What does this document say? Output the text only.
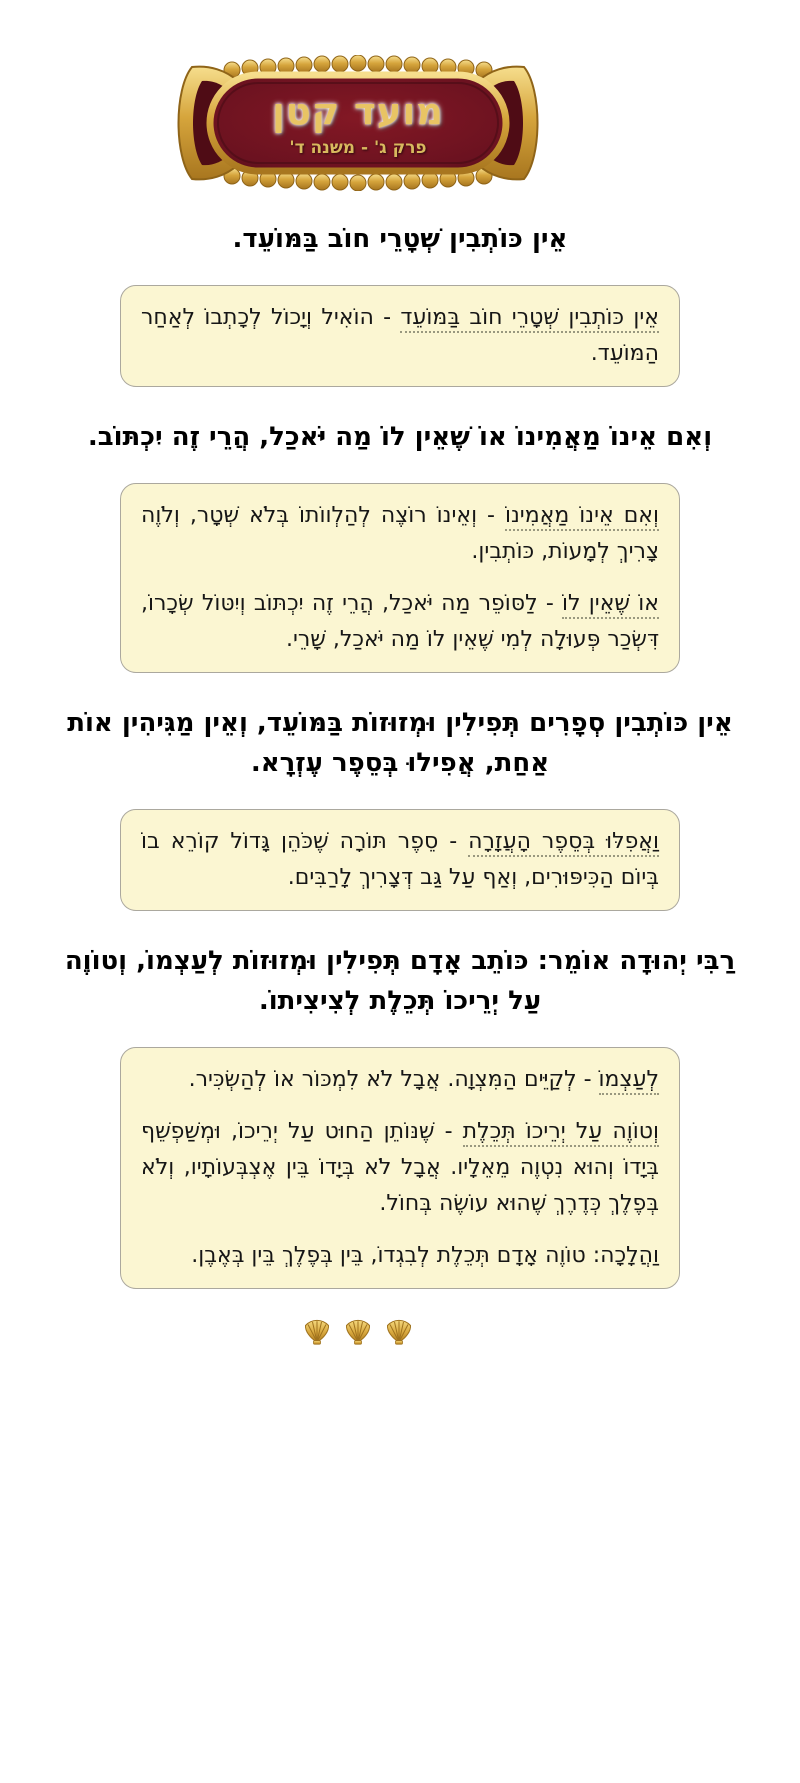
מועד קטן
פרק ג' - משנה ד'

אֵין כּוֹתְבִין שְׁטָרֵי חוֹב בַּמּוֹעֵד.

אֵין כּוֹתְבִין שְׁטָרֵי חוֹב בַּמּוֹעֵד - הוֹאִיל וְיָכוֹל לְכָתְבוֹ לְאַחַר הַמּוֹעֵד.

וְאִם אֵינוֹ מַאֲמִינוֹ אוֹ שֶׁאֵין לוֹ מַה יֹּאכַל, הֲרֵי זֶה יִכְתּוֹב.

וְאִם אֵינוֹ מַאֲמִינוֹ - וְאֵינוֹ רוֹצֶה לְהַלְווֹתוֹ בְּלֹא שְׁטָר, וְלֹוֶה צָרִיךְ לְמָעוֹת, כּוֹתְבִין.

אוֹ שֶׁאֵין לוֹ - לַסּוֹפֵר מַה יֹּאכַל, הֲרֵי זֶה יִכְתּוֹב וְיִטּוֹל שְׂכָרוֹ, דִּשְׂכַר פְּעוּלָה לְמִי שֶׁאֵין לוֹ מַה יֹּאכַל, שָׁרֵי.

אֵין כּוֹתְבִין סְפָרִים תְּפִילִין וּמְזוּזוֹת בַּמּוֹעֵד, וְאֵין מַגִּיהִין אוֹת אַחַת, אֲפִילוּ בְּסֵפֶר עֶזְרָא.

וַאֲפִלּוּ בְּסֵפֶר הָעֲזָרָה - סֵפֶר תּוֹרָה שֶׁכֹּהֵן גָּדוֹל קוֹרֵא בוֹ בְּיוֹם הַכִּיפּוּרִים, וְאַף עַל גַּב דְּצָרִיךְ לָרַבִּים.

רַבִּי יְהוּדָה אוֹמֵר: כּוֹתֵב אָדָם תְּפִילִין וּמְזוּזוֹת לְעַצְמוֹ, וְטוֹוֶה עַל יְרֵיכוֹ תְּכֵלֶת לְצִיצִיתוֹ.

לְעַצְמוֹ - לְקַיֵּים הַמִּצְוָה. אֲבָל לֹא לִמְכּוֹר אוֹ לְהַשְׂכִּיר.

וְטוֹוֶה עַל יְרֵיכוֹ תְּכֵלֶת - שֶׁנּוֹתֵן הַחוּט עַל יְרֵיכוֹ, וּמְשַׁפְשֵׁף בְּיָדוֹ וְהוּא נִטְוֶה מֵאֵלָיו. אֲבָל לֹא בְּיָדוֹ בֵּין אֶצְבְּעוֹתָיו, וְלֹא בְּפֶלֶךְ כְּדֶרֶךְ שֶׁהוּא עוֹשֶׂה בְּחוֹל.

וַהֲלָכָה: טוֹוֶה אָדָם תְּכֵלֶת לְבִגְדוֹ, בֵּין בְּפֶלֶךְ בֵּין בְּאֶבֶן.
